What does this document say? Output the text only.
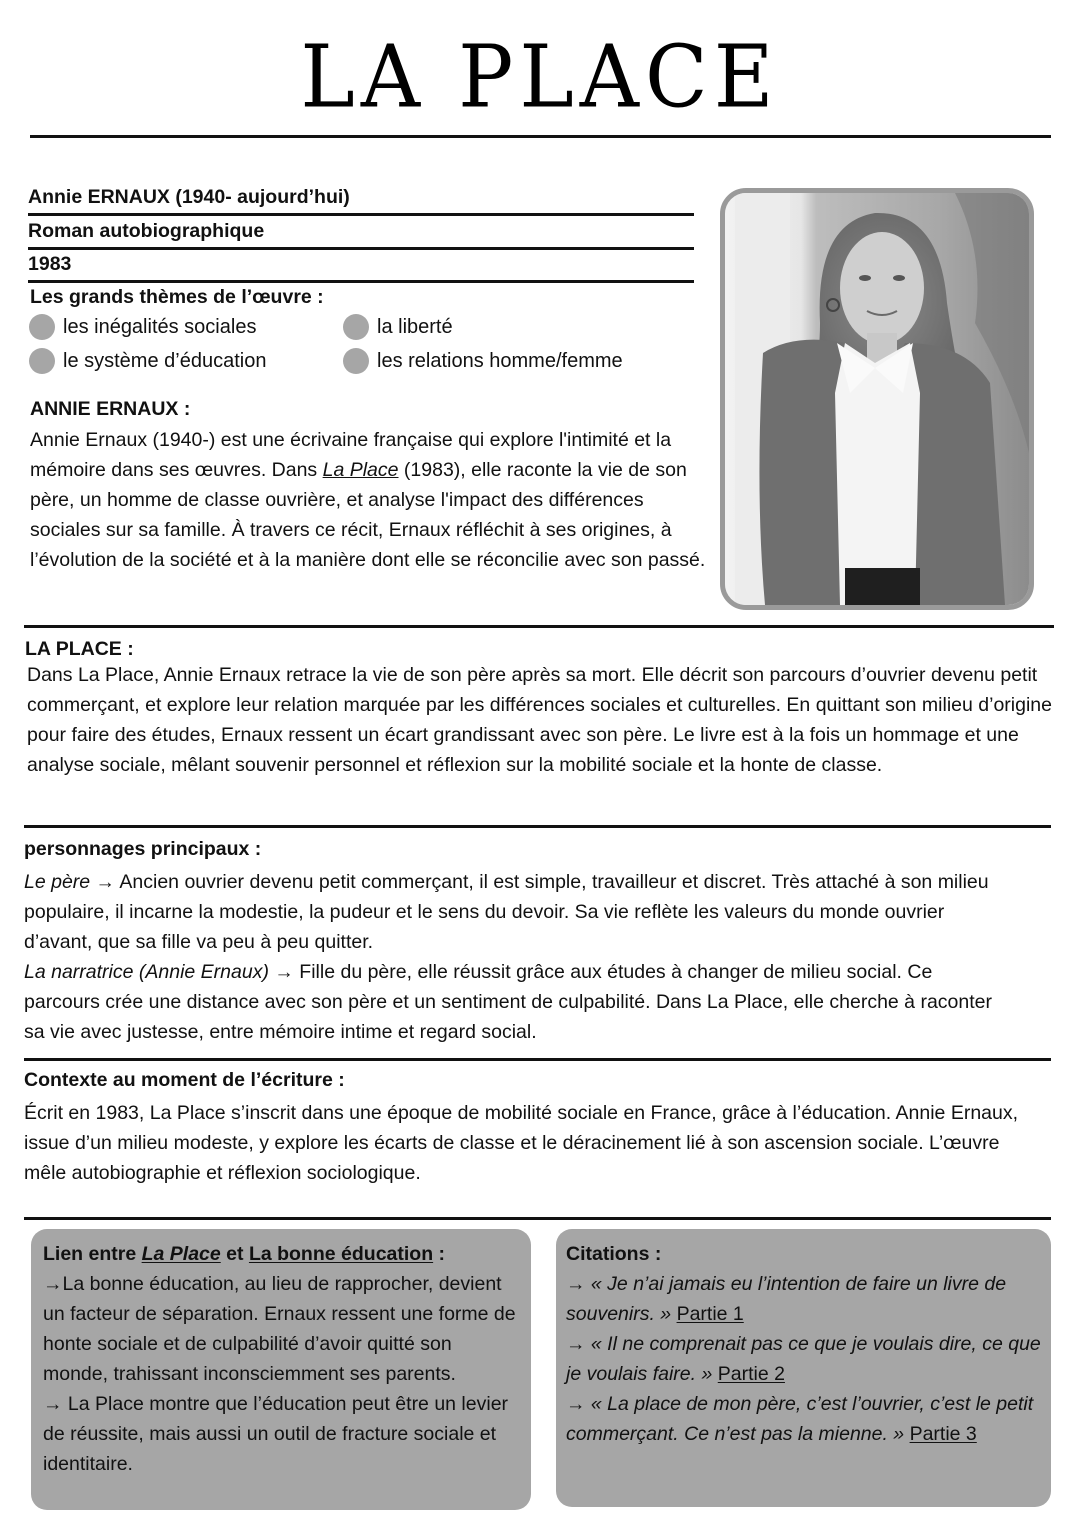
LA PLACE
Annie ERNAUX (1940- aujourd’hui)
Roman autobiographique
1983
Les grands thèmes de l’œuvre :
les inégalités sociales	la liberté
le système d’éducation	les relations homme/femme
ANNIE ERNAUX :
Annie Ernaux (1940-) est une écrivaine française qui explore l'intimité et la mémoire dans ses œuvres. Dans La Place (1983), elle raconte la vie de son père, un homme de classe ouvrière, et analyse l'impact des différences sociales sur sa famille. À travers ce récit, Ernaux réfléchit à ses origines, à l’évolution de la société et à la manière dont elle se réconcilie avec son passé.
LA PLACE :
Dans La Place, Annie Ernaux retrace la vie de son père après sa mort. Elle décrit son parcours d’ouvrier devenu petit commerçant, et explore leur relation marquée par les différences sociales et culturelles. En quittant son milieu d’origine pour faire des études, Ernaux ressent un écart grandissant avec son père. Le livre est à la fois un hommage et une analyse sociale, mêlant souvenir personnel et réflexion sur la mobilité sociale et la honte de classe.
personnages principaux :
Le père → Ancien ouvrier devenu petit commerçant, il est simple, travailleur et discret. Très attaché à son milieu populaire, il incarne la modestie, la pudeur et le sens du devoir. Sa vie reflète les valeurs du monde ouvrier d’avant, que sa fille va peu à peu quitter.
La narratrice (Annie Ernaux) → Fille du père, elle réussit grâce aux études à changer de milieu social. Ce parcours crée une distance avec son père et un sentiment de culpabilité. Dans La Place, elle cherche à raconter sa vie avec justesse, entre mémoire intime et regard social.
Contexte au moment de l’écriture :
Écrit en 1983, La Place s’inscrit dans une époque de mobilité sociale en France, grâce à l’éducation. Annie Ernaux, issue d’un milieu modeste, y explore les écarts de classe et le déracinement lié à son ascension sociale. L’œuvre mêle autobiographie et réflexion sociologique.
Lien entre La Place et La bonne éducation :
→La bonne éducation, au lieu de rapprocher, devient un facteur de séparation. Ernaux ressent une forme de honte sociale et de culpabilité d’avoir quitté son monde, trahissant inconsciemment ses parents.
→ La Place montre que l’éducation peut être un levier de réussite, mais aussi un outil de fracture sociale et identitaire.
Citations :
→ « Je n’ai jamais eu l’intention de faire un livre de souvenirs. » Partie 1
→ « Il ne comprenait pas ce que je voulais dire, ce que je voulais faire. » Partie 2
→ « La place de mon père, c’est l’ouvrier, c’est le petit commerçant. Ce n’est pas la mienne. » Partie 3
